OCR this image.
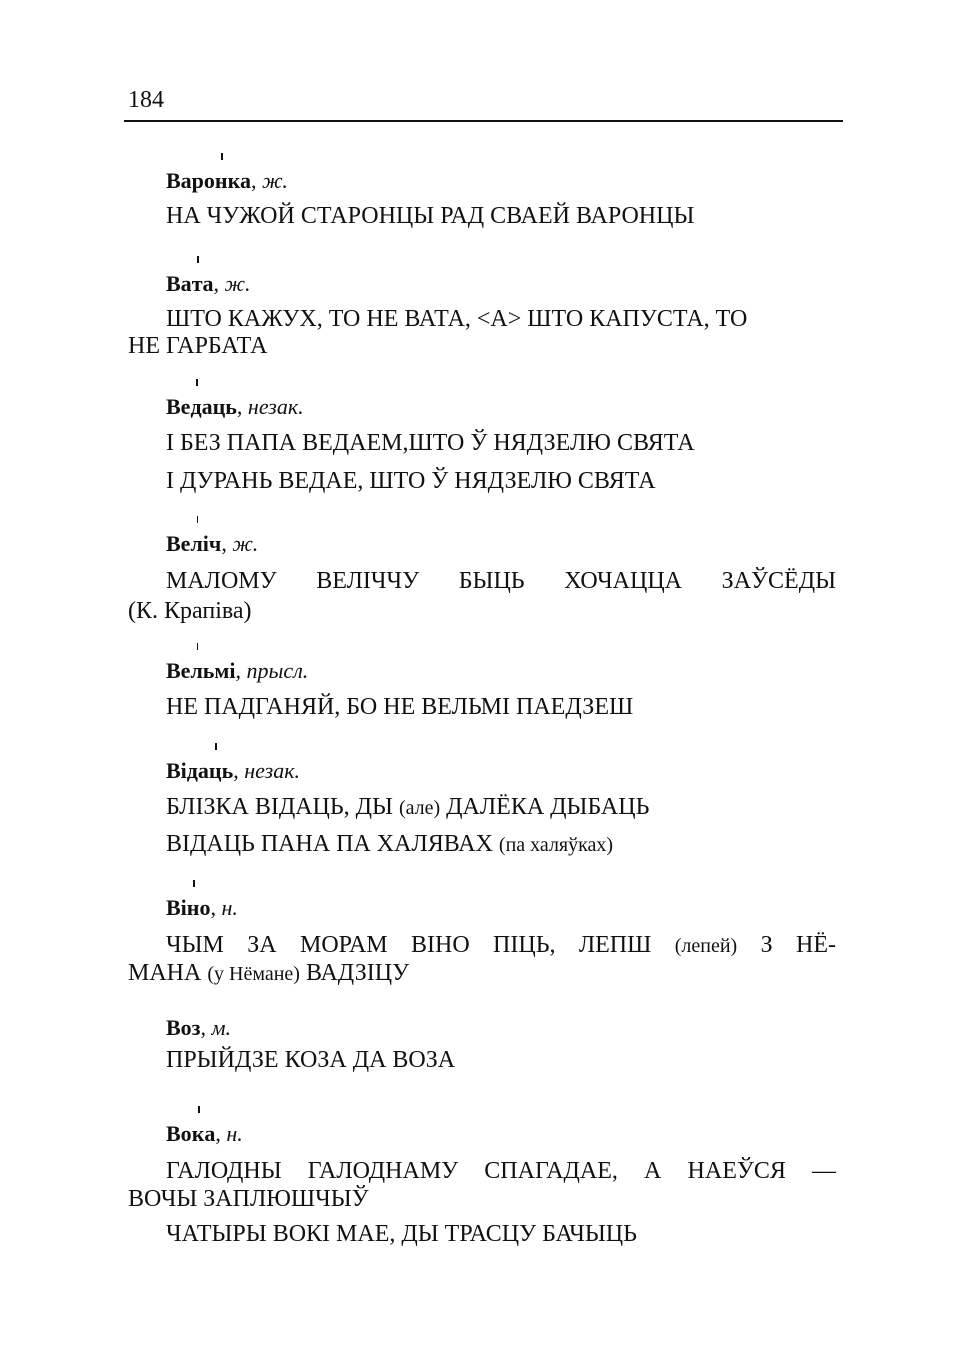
184
Варонка, ж.
НА ЧУЖОЙ СТАРОНЦЫ РАД СВАЕЙ ВАРОНЦЫ
Вата, ж.
ШТО КАЖУХ, ТО НЕ ВАТА, <А> ШТО КАПУСТА, ТО
НЕ ГАРБАТА
Ведаць, незак.
І БЕЗ ПАПА ВЕДАЕМ,ШТО Ў НЯДЗЕЛЮ СВЯТА
І ДУРАНЬ ВЕДАЕ, ШТО Ў НЯДЗЕЛЮ СВЯТА
Веліч, ж.
МАЛОМУ ВЕЛІЧЧУ БЫЦЬ ХОЧАЦЦА ЗАЎСЁДЫ
(К. Крапіва)
Вельмі, прысл.
НЕ ПАДГАНЯЙ, БО НЕ ВЕЛЬМІ ПАЕДЗЕШ
Відаць, незак.
БЛІЗКА ВІДАЦЬ, ДЫ (але) ДАЛЁКА ДЫБАЦЬ
ВІДАЦЬ ПАНА ПА ХАЛЯВАХ (па халяўках)
Віно, н.
ЧЫМ ЗА МОРАМ ВІНО ПІЦЬ, ЛЕПШ (лепей) З НЁ-
МАНА (у Нёмане) ВАДЗІЦУ
Воз, м.
ПРЫЙДЗЕ КОЗА ДА ВОЗА
Вока, н.
ГАЛОДНЫ ГАЛОДНАМУ СПАГАДАЕ, А НАЕЎСЯ —
ВОЧЫ ЗАПЛЮШЧЫЎ
ЧАТЫРЫ ВОКІ МАЕ, ДЫ ТРАСЦУ БАЧЫЦЬ
